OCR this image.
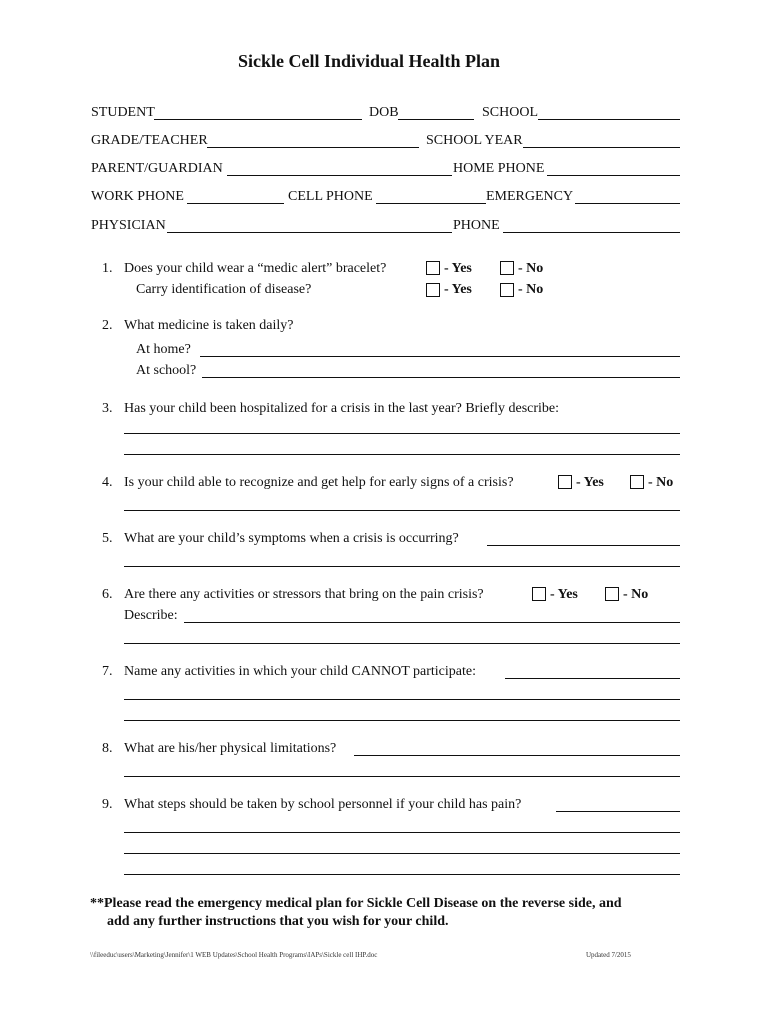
Sickle Cell Individual Health Plan
STUDENT	DOB	SCHOOL
GRADE/TEACHER	SCHOOL YEAR
PARENT/GUARDIAN	HOME PHONE
WORK PHONE	CELL PHONE	EMERGENCY
PHYSICIAN	PHONE
1. Does your child wear a “medic alert” bracelet?	- Yes	- No
Carry identification of disease?	- Yes	- No
2. What medicine is taken daily?
At home?
At school?
3. Has your child been hospitalized for a crisis in the last year? Briefly describe:
4. Is your child able to recognize and get help for early signs of a crisis?	- Yes	- No
5. What are your child’s symptoms when a crisis is occurring?
6. Are there any activities or stressors that bring on the pain crisis?	- Yes	- No
Describe:
7. Name any activities in which your child CANNOT participate:
8. What are his/her physical limitations?
9. What steps should be taken by school personnel if your child has pain?
**Please read the emergency medical plan for Sickle Cell Disease on the reverse side, and
add any further instructions that you wish for your child.
\\fileeduc\users\Marketing\Jennifer\1 WEB Updates\School Health Programs\IAPs\Sickle cell IHP.doc	Updated 7/2015
